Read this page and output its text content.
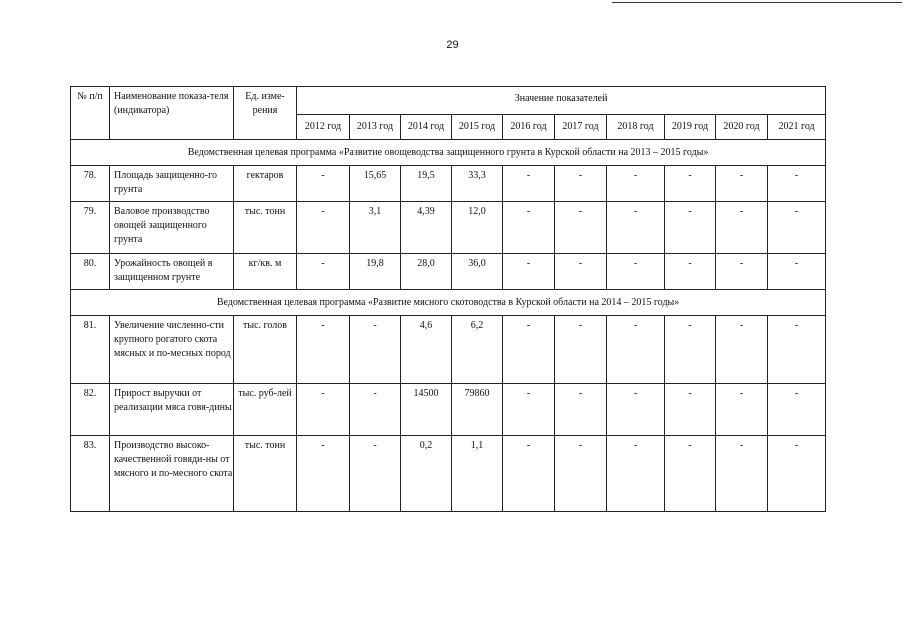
29
№ п/п	Наименование показа-теля (индикатора)	Ед. изме-рения	Значение показателей									
			2012 год	2013 год	2014 год	2015 год	2016 год	2017 год	2018 год	2019 год	2020 год	2021 год
Ведомственная целевая программа «Развитие овощеводства защищенного грунта в Курской области на 2013 – 2015 годы»												
78.	Площадь защищенно-го грунта	гектаров	-	15,65	19,5	33,3	-	-	-	-	-	-
79.	Валовое производство овощей защищенного грунта	тыс. тонн	-	3,1	4,39	12,0	-	-	-	-	-	-
80.	Урожайность овощей в защищенном грунте	кг/кв. м	-	19,8	28,0	36,0	-	-	-	-	-	-
Ведомственная целевая программа «Развитие мясного скотоводства в Курской области на 2014 – 2015 годы»												
81.	Увеличение численно-сти крупного рогатого скота мясных и по-месных пород	тыс. голов	-	-	4,6	6,2	-	-	-	-	-	-
82.	Прирост выручки от реализации мяса говя-дины	тыс. руб-лей	-	-	14500	79860	-	-	-	-	-	-
83.	Производство высоко-качественной говяди-ны от мясного и по-месного скота	тыс. тонн	-	-	0,2	1,1	-	-	-	-	-	-
